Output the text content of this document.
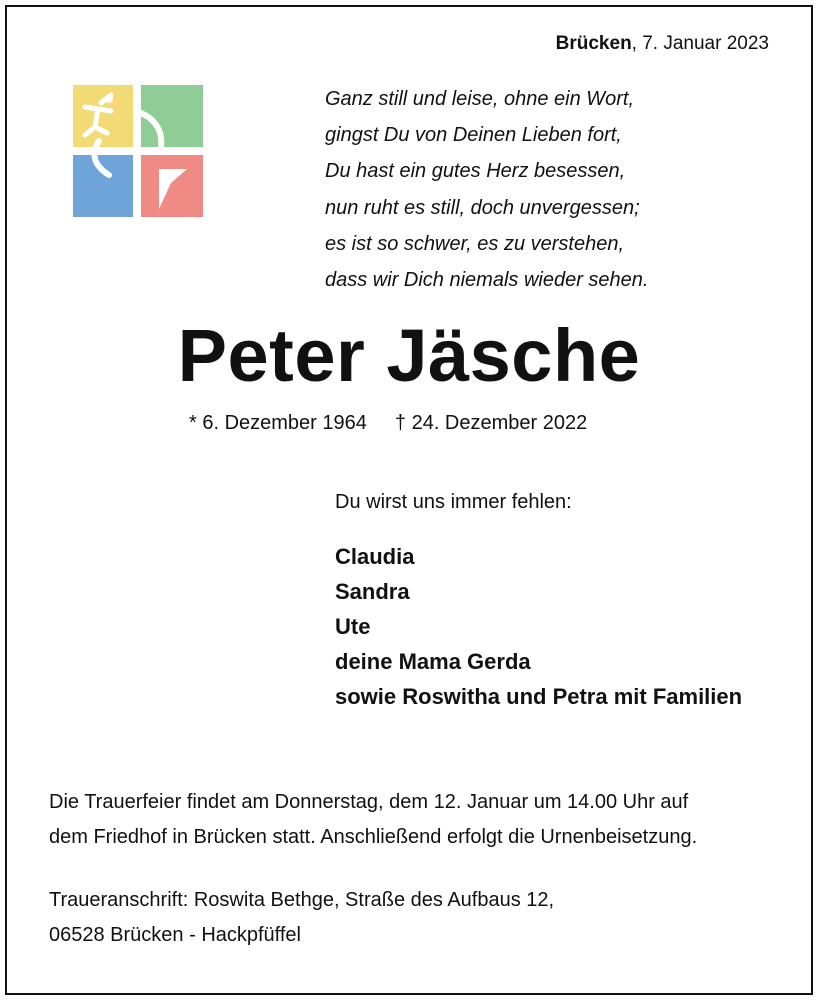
Brücken, 7. Januar 2023
Ganz still und leise, ohne ein Wort,
gingst Du von Deinen Lieben fort,
Du hast ein gutes Herz besessen,
nun ruht es still, doch unvergessen;
es ist so schwer, es zu verstehen,
dass wir Dich niemals wieder sehen.
Peter Jäsche
* 6. Dezember 1964 † 24. Dezember 2022
Du wirst uns immer fehlen:
Claudia
Sandra
Ute
deine Mama Gerda
sowie Roswitha und Petra mit Familien
Die Trauerfeier findet am Donnerstag, dem 12. Januar um 14.00 Uhr auf
dem Friedhof in Brücken statt. Anschließend erfolgt die Urnenbeisetzung.
Traueranschrift: Roswita Bethge, Straße des Aufbaus 12,
06528 Brücken - Hackpfüffel
